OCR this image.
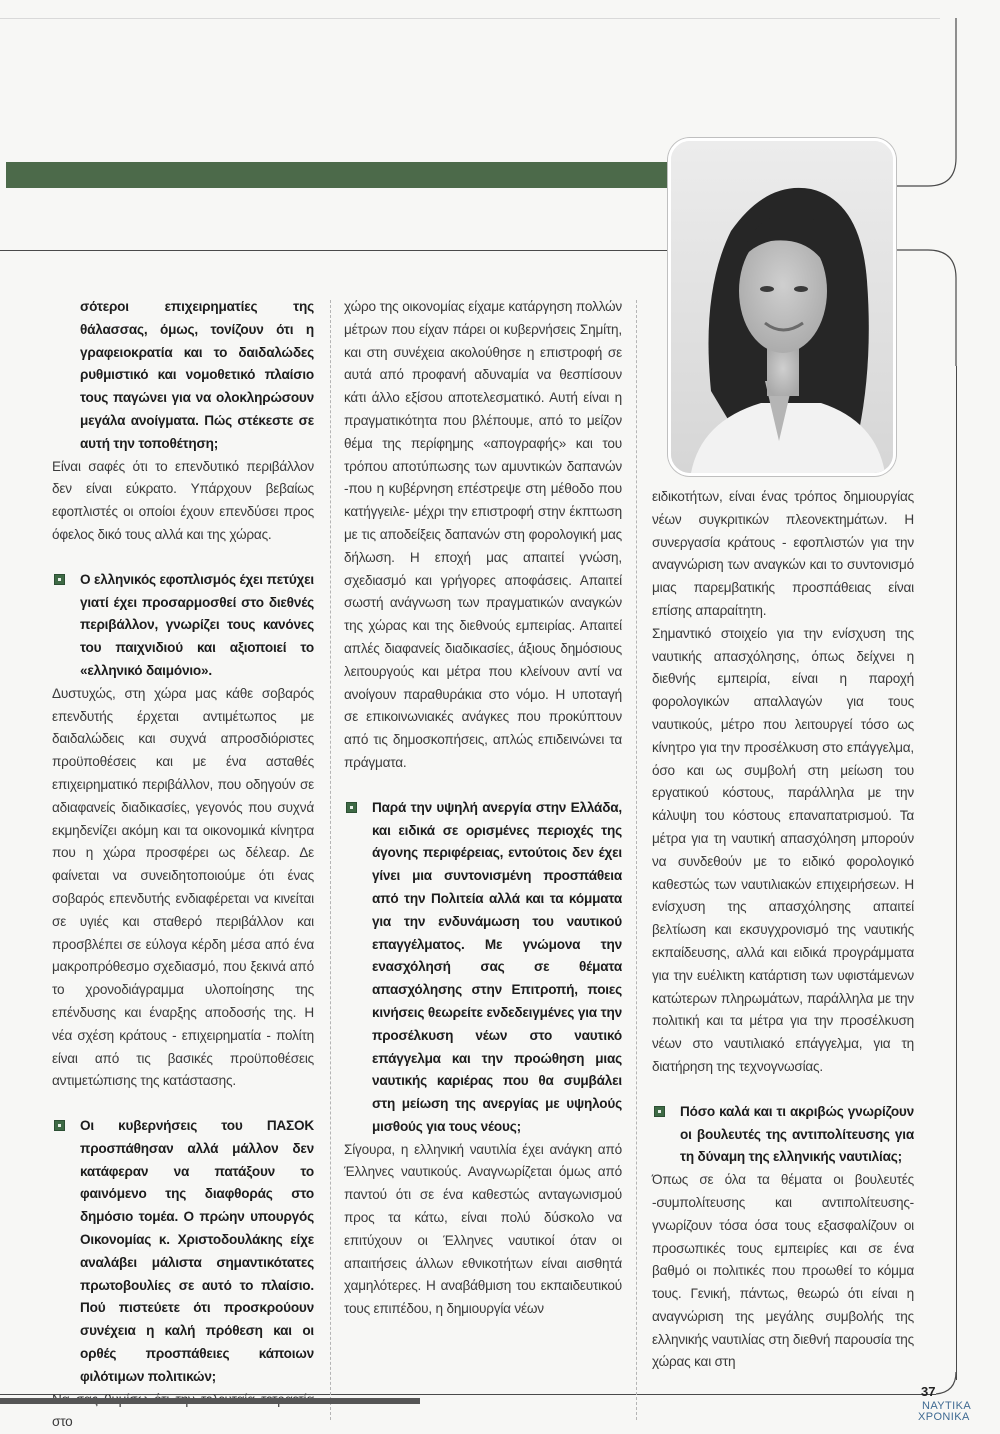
σότεροι επιχειρηματίες της θάλασσας, όμως, τονίζουν ότι η γραφειοκρατία και το δαιδαλώδες ρυθμιστικό και νομοθετικό πλαίσιο τους παγώνει για να ολοκληρώσουν μεγάλα ανοίγματα. Πώς στέκεστε σε αυτή την τοποθέτηση;

Είναι σαφές ότι το επενδυτικό περιβάλλον δεν είναι εύκρατο. Υπάρχουν βεβαίως εφοπλιστές οι οποίοι έχουν επενδύσει προς όφελος δικό τους αλλά και της χώρας.

Ο ελληνικός εφοπλισμός έχει πετύχει γιατί έχει προσαρμοσθεί στο διεθνές περιβάλλον, γνωρίζει τους κανόνες του παιχνιδιού και αξιοποιεί το «ελληνικό δαιμόνιο».

Δυστυχώς, στη χώρα μας κάθε σοβαρός επενδυτής έρχεται αντιμέτωπος με δαιδαλώδεις και συχνά απροσδιόριστες προϋποθέσεις και με ένα ασταθές επιχειρηματικό περιβάλλον, που οδηγούν σε αδιαφανείς διαδικασίες, γεγονός που συχνά εκμηδενίζει ακόμη και τα οικονομικά κίνητρα που η χώρα προσφέρει ως δέλεαρ. Δε φαίνεται να συνειδητοποιούμε ότι ένας σοβαρός επενδυτής ενδιαφέρεται να κινείται σε υγιές και σταθερό περιβάλλον και προσβλέπει σε εύλογα κέρδη μέσα από ένα μακροπρόθεσμο σχεδιασμό, που ξεκινά από το χρονοδιάγραμμα υλοποίησης της επένδυσης και έναρξης αποδοσής της. Η νέα σχέση κράτους - επιχειρηματία - πολίτη είναι από τις βασικές προϋποθέσεις αντιμετώπισης της κατάστασης.

Οι κυβερνήσεις του ΠΑΣΟΚ προσπάθησαν αλλά μάλλον δεν κατάφεραν να πατάξουν το φαινόμενο της διαφθοράς στο δημόσιο τομέα. Ο πρώην υπουργός Οικονομίας κ. Χριστοδουλάκης είχε αναλάβει μάλιστα σημαντικότατες πρωτοβουλίες σε αυτό το πλαίσιο. Πού πιστεύετε ότι προσκρούουν συνέχεια η καλή πρόθεση και οι ορθές προσπάθειες κάποιων φιλότιμων πολιτικών;

στο

χώρο της οικονομίας είχαμε κατάργηση πολλών μέτρων που είχαν πάρει οι κυβερνήσεις Σημίτη, και στη συνέχεια ακολούθησε η επιστροφή σε αυτά από προφανή αδυναμία να θεσπίσουν κάτι άλλο εξίσου αποτελεσματικό. Αυτή είναι η πραγματικότητα που βλέπουμε, από το μείζον θέμα της περίφημης «απογραφής» και του τρόπου αποτύπωσης των αμυντικών δαπανών -που η κυβέρνηση επέστρεψε στη μέθοδο που κατήγγειλε- μέχρι την επιστροφή στην έκπτωση με τις αποδείξεις δαπανών στη φορολογική μας δήλωση. Η εποχή μας απαιτεί γνώση, σχεδιασμό και γρήγορες αποφάσεις. Απαιτεί σωστή ανάγνωση των πραγματικών αναγκών της χώρας και της διεθνούς εμπειρίας. Απαιτεί απλές διαφανείς διαδικασίες, άξιους δημόσιους λειτουργούς και μέτρα που κλείνουν αντί να ανοίγουν παραθυράκια στο νόμο. Η υποταγή σε επικοινωνιακές ανάγκες που προκύπτουν από τις δημοσκοπήσεις, απλώς επιδεινώνει τα πράγματα.

Παρά την υψηλή ανεργία στην Ελλάδα, και ειδικά σε ορισμένες περιοχές της άγονης περιφέρειας, εντούτοις δεν έχει γίνει μια συντονισμένη προσπάθεια από την Πολιτεία αλλά και τα κόμματα για την ενδυνάμωση του ναυτικού επαγγέλματος. Με γνώμονα την ενασχόλησή σας σε θέματα απασχόλησης στην Επιτροπή, ποιες κινήσεις θεωρείτε ενδεδειγμένες για την προσέλκυση νέων στο ναυτικό επάγγελμα και την προώθηση μιας ναυτικής καριέρας που θα συμβάλει στη μείωση της ανεργίας με υψηλούς μισθούς για τους νέους;

Σίγουρα, η ελληνική ναυτιλία έχει ανάγκη από Έλληνες ναυτικούς. Αναγνωρίζεται όμως από παντού ότι σε ένα καθεστώς ανταγωνισμού προς τα κάτω, είναι πολύ δύσκολο να επιτύχουν οι Έλληνες ναυτικοί όταν οι απαιτήσεις άλλων εθνικοτήτων είναι αισθητά χαμηλότερες. Η αναβάθμιση του εκπαιδευτικού τους επιπέδου, η δημιουργία νέων

ειδικοτήτων, είναι ένας τρόπος δημιουργίας νέων συγκριτικών πλεονεκτημάτων. Η συνεργασία κράτους - εφοπλιστών για την αναγνώριση των αναγκών και το συντονισμό μιας παρεμβατικής προσπάθειας είναι επίσης απαραίτητη.

Σημαντικό στοιχείο για την ενίσχυση της ναυτικής απασχόλησης, όπως δείχνει η διεθνής εμπειρία, είναι η παροχή φορολογικών απαλλαγών για τους ναυτικούς, μέτρο που λειτουργεί τόσο ως κίνητρο για την προσέλκυση στο επάγγελμα, όσο και ως συμβολή στη μείωση του εργατικού κόστους, παράλληλα με την κάλυψη του κόστους επαναπατρισμού. Τα μέτρα για τη ναυτική απασχόληση μπορούν να συνδεθούν με το ειδικό φορολογικό καθεστώς των ναυτιλιακών επιχειρήσεων. Η ενίσχυση της απασχόλησης απαιτεί βελτίωση και εκσυγχρονισμό της ναυτικής εκπαίδευσης, αλλά και ειδικά προγράμματα για την ευέλικτη κατάρτιση των υφιστάμενων κατώτερων πληρωμάτων, παράλληλα με την πολιτική και τα μέτρα για την προσέλκυση νέων στο ναυτιλιακό επάγγελμα, για τη διατήρηση της τεχνογνωσίας.

Πόσο καλά και τι ακριβώς γνωρίζουν οι βουλευτές της αντιπολίτευσης για τη δύναμη της ελληνικής ναυτιλίας;

Όπως σε όλα τα θέματα οι βουλευτές -συμπολίτευσης και αντιπολίτευσης- γνωρίζουν τόσα όσα τους εξασφαλίζουν οι προσωπικές τους εμπειρίες και σε ένα βαθμό οι πολιτικές που προωθεί το κόμμα τους. Γενική, πάντως, θεωρώ ότι είναι η αναγνώριση της μεγάλης συμβολής της ελληνικής ναυτιλίας στη διεθνή παρουσία της χώρας και στη

37
ΝΑΥΤΙΚΑ
ΧΡΟΝΙΚΑ
